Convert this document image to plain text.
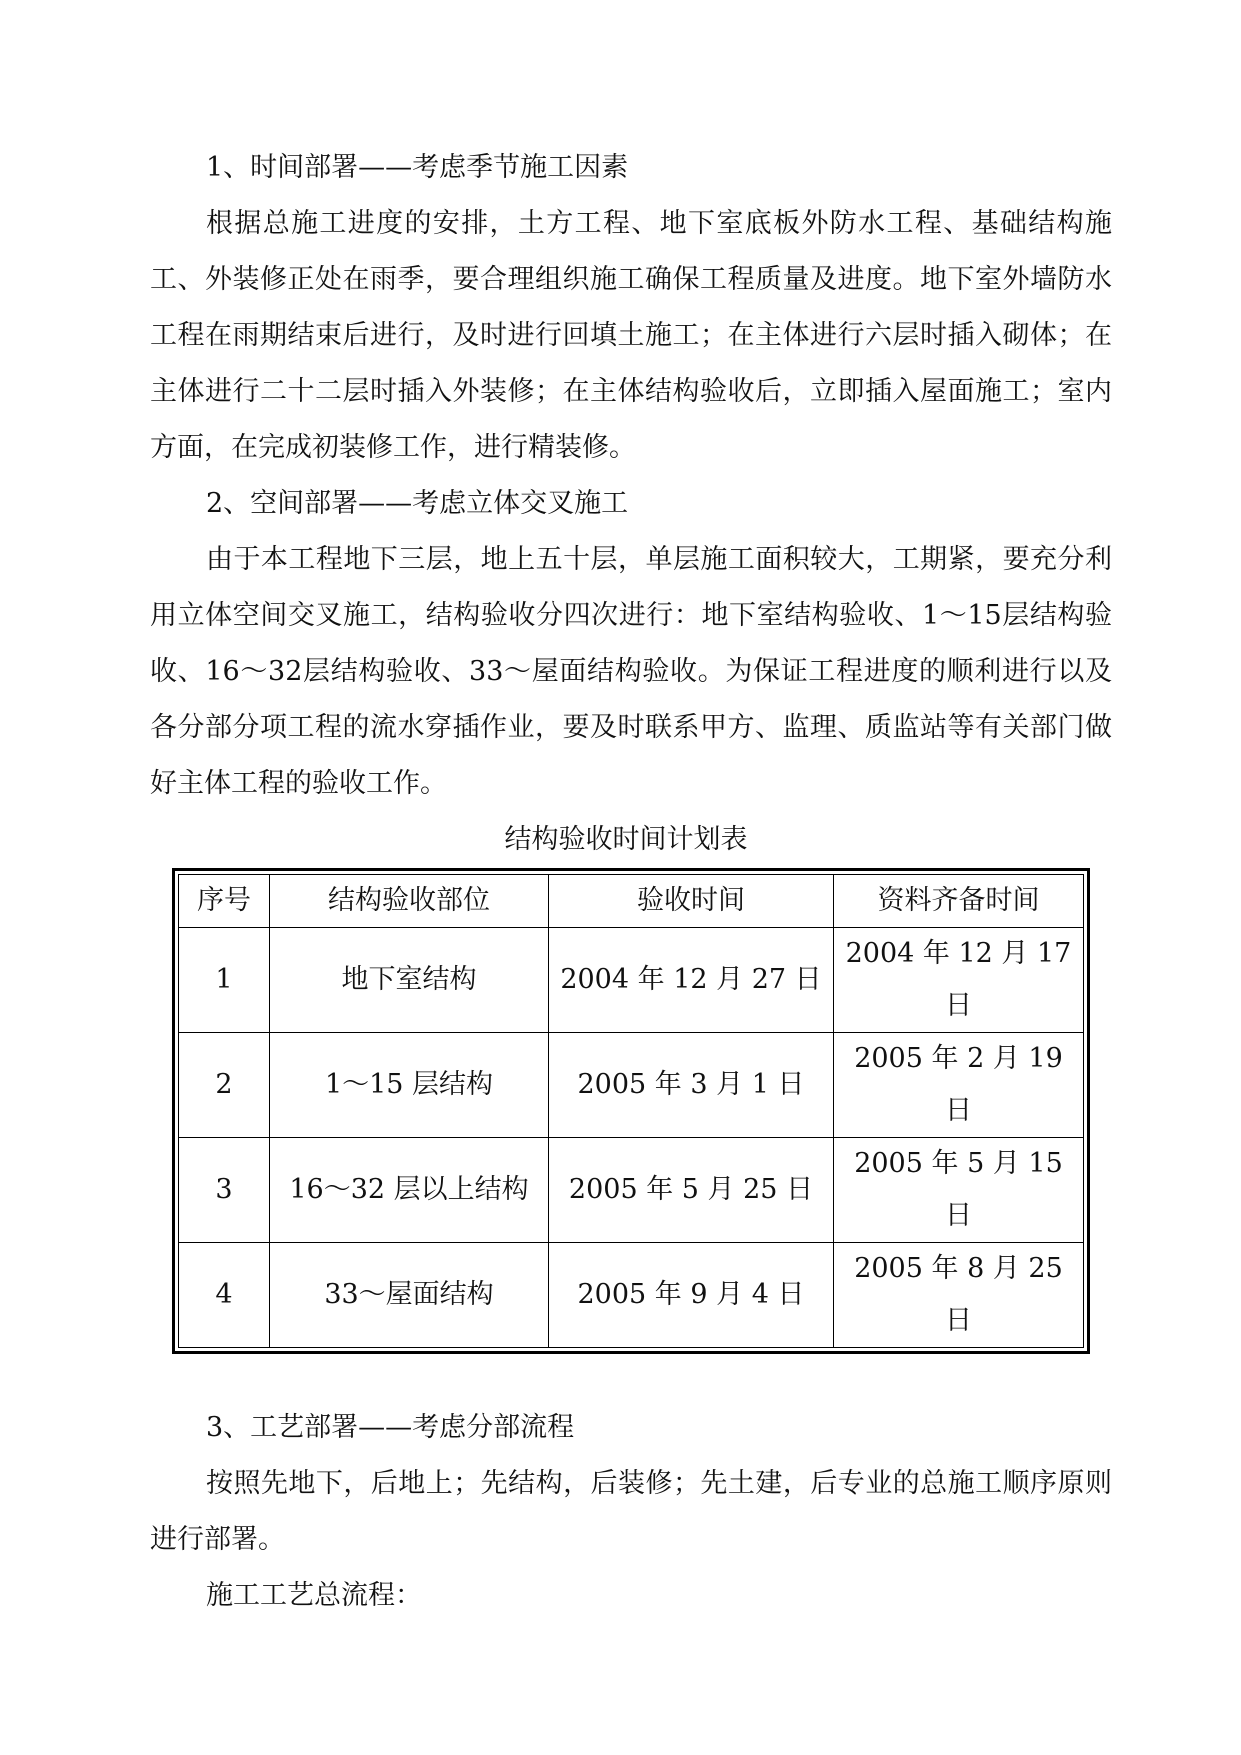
1、时间部署——考虑季节施工因素

根据总施工进度的安排，土方工程、地下室底板外防水工程、基础结构施工、外装修正处在雨季，要合理组织施工确保工程质量及进度。地下室外墙防水工程在雨期结束后进行，及时进行回填土施工；在主体进行六层时插入砌体；在主体进行二十二层时插入外装修；在主体结构验收后，立即插入屋面施工；室内方面，在完成初装修工作，进行精装修。

2、空间部署——考虑立体交叉施工

由于本工程地下三层，地上五十层，单层施工面积较大，工期紧，要充分利用立体空间交叉施工，结构验收分四次进行：地下室结构验收、1～15层结构验收、16～32层结构验收、33～屋面结构验收。为保证工程进度的顺利进行以及各分部分项工程的流水穿插作业，要及时联系甲方、监理、质监站等有关部门做好主体工程的验收工作。

结构验收时间计划表

序号	结构验收部位	验收时间	资料齐备时间
1	地下室结构	2004 年 12 月 27 日	2004 年 12 月 17 日
2	1～15 层结构	2005 年 3 月 1 日	2005 年 2 月 19 日
3	16～32 层以上结构	2005 年 5 月 25 日	2005 年 5 月 15 日
4	33～屋面结构	2005 年 9 月 4 日	2005 年 8 月 25 日

3、工艺部署——考虑分部流程

按照先地下，后地上；先结构，后装修；先土建，后专业的总施工顺序原则进行部署。

施工工艺总流程：
